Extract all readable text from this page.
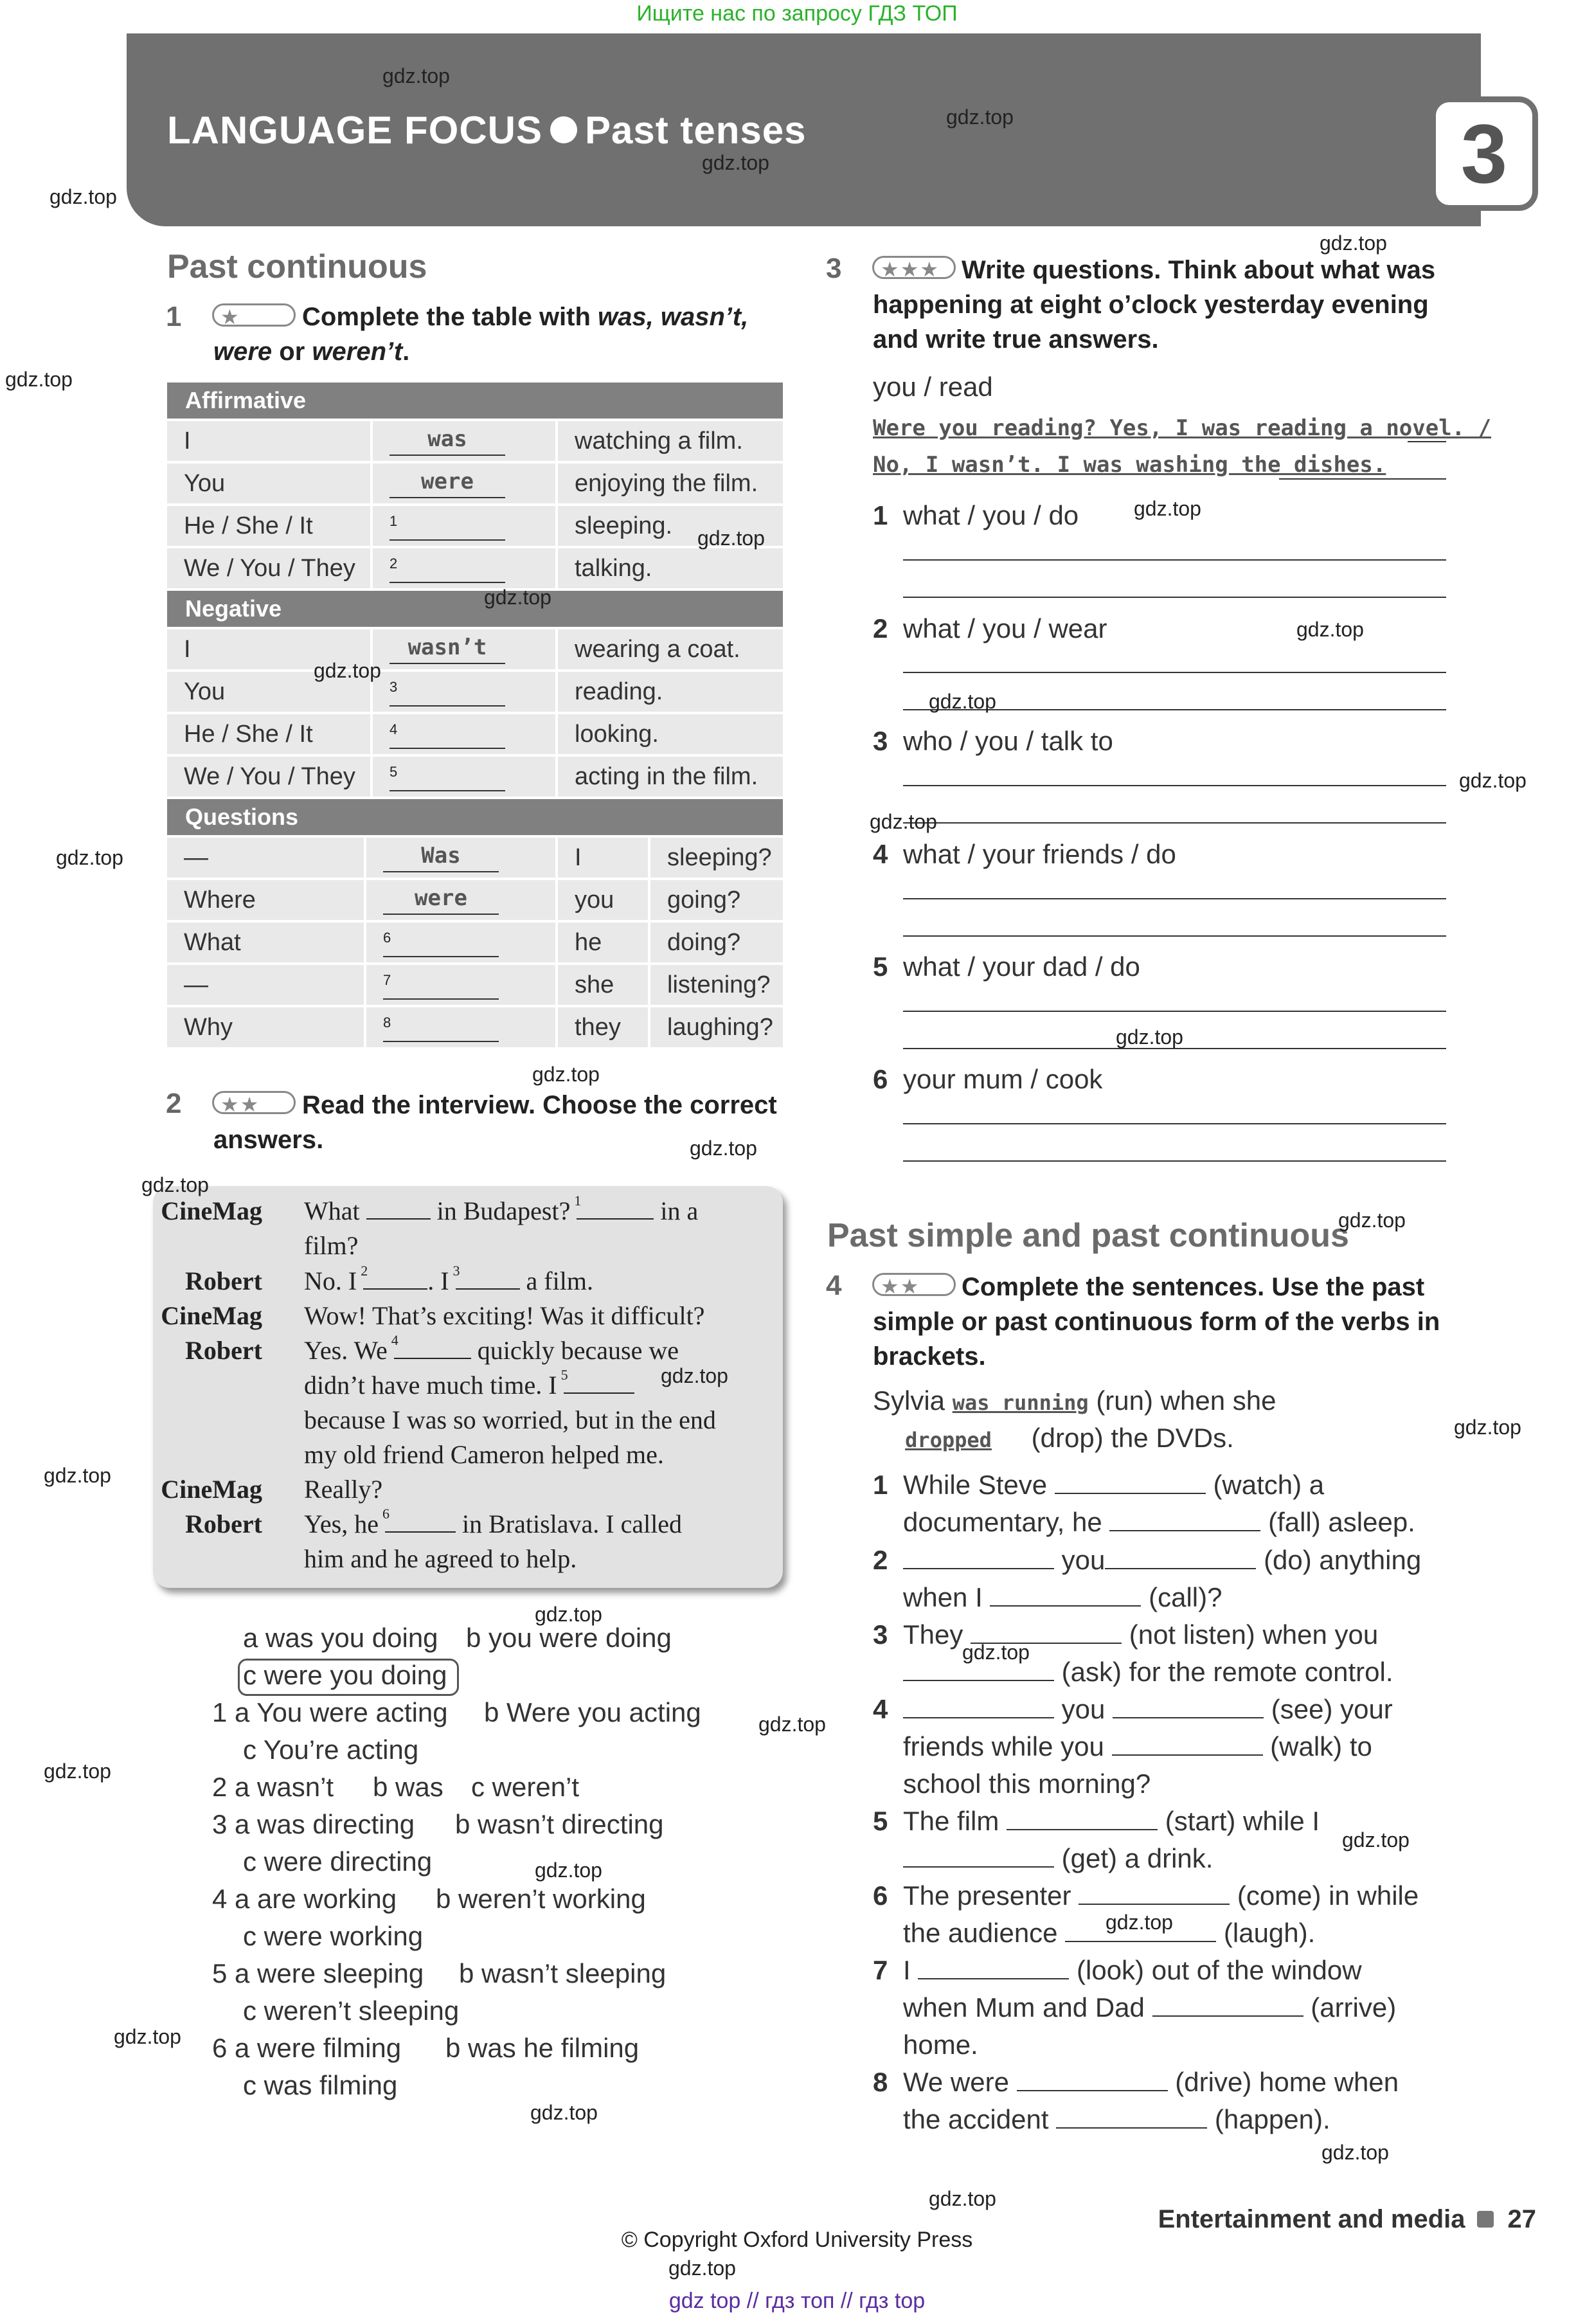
Ищите нас по запросу ГДЗ ТОП
LANGUAGE FOCUS Past tenses	3
Past continuous
1	★	Complete the table with was, wasn’t, were or weren’t.
Affirmative
I	was	watching a film.
You	were	enjoying the film.
He / She / It	1	sleeping.
We / You / They	2	talking.
Negative
I	wasn’t	wearing a coat.
You	3	reading.
He / She / It	4	looking.
We / You / They	5	acting in the film.
Questions
—	Was	I	sleeping?
Where	were	you	going?
What	6	he	doing?
—	7	she	listening?
Why	8	they	laughing?
2	★★	Read the interview. Choose the correct answers.
CineMag What	in Budapest? 1	in a
film?
Robert No. I 2 . I 3	a film.
CineMag Wow! That’s exciting! Was it difficult?
Robert Yes. We 4	quickly because we
didn’t have much time. I 5
because I was so worried, but in the end
my old friend Cameron helped me.
CineMag Really?
Robert Yes, he 6	in Bratislava. I called
him and he agreed to help.
a was you doing b you were doing
c were you doing
1 a You were acting b Were you acting
c You’re acting
2 a wasn’t b was c weren’t
3 a was directing b wasn’t directing
c were directing
4 a are working b weren’t working
c were working
5 a were sleeping b wasn’t sleeping
c weren’t sleeping
6 a were filming b was he filming
c was filming
3	★★★ Write questions. Think about what was happening at eight o’clock yesterday evening and write true answers.
you / read
Were you reading? Yes, I was reading a novel. /
No, I wasn’t. I was washing the dishes.
1 what / you / do
2 what / you / wear
3 who / you / talk to
4 what / your friends / do
5 what / your dad / do
6 your mum / cook
Past simple and past continuous
4	★★	Complete the sentences. Use the past simple or past continuous form of the verbs in brackets.
Sylvia was running (run) when she
dropped (drop) the DVDs.
1 While Steve	(watch) a
documentary, he	(fall) asleep.
2	you	(do) anything
when I	(call)?
3 They	(not listen) when you
(ask) for the remote control.
4	you	(see) your
friends while you	(walk) to
school this morning?
5 The film	(start) while I
(get) a drink.
6 The presenter	(come) in while
the audience	(laugh).
7 I	(look) out of the window
when Mum and Dad	(arrive)
home.
8 We were	(drive) home when
the accident	(happen).
Entertainment and media 27
© Copyright Oxford University Press
gdz top // гдз топ // гдз top
gdz.top
gdz.top
gdz.top
gdz.top
gdz.top
gdz.top
gdz.top
gdz.top
gdz.top
gdz.top
gdz.top
gdz.top
gdz.top
gdz.top
gdz.top
gdz.top
gdz.top
gdz.top
gdz.top
gdz.top
gdz.top
gdz.top
gdz.top
gdz.top
gdz.top
gdz.top
gdz.top
gdz.top
gdz.top
gdz.top
gdz.top
gdz.top
gdz.top
gdz.top
gdz.top
